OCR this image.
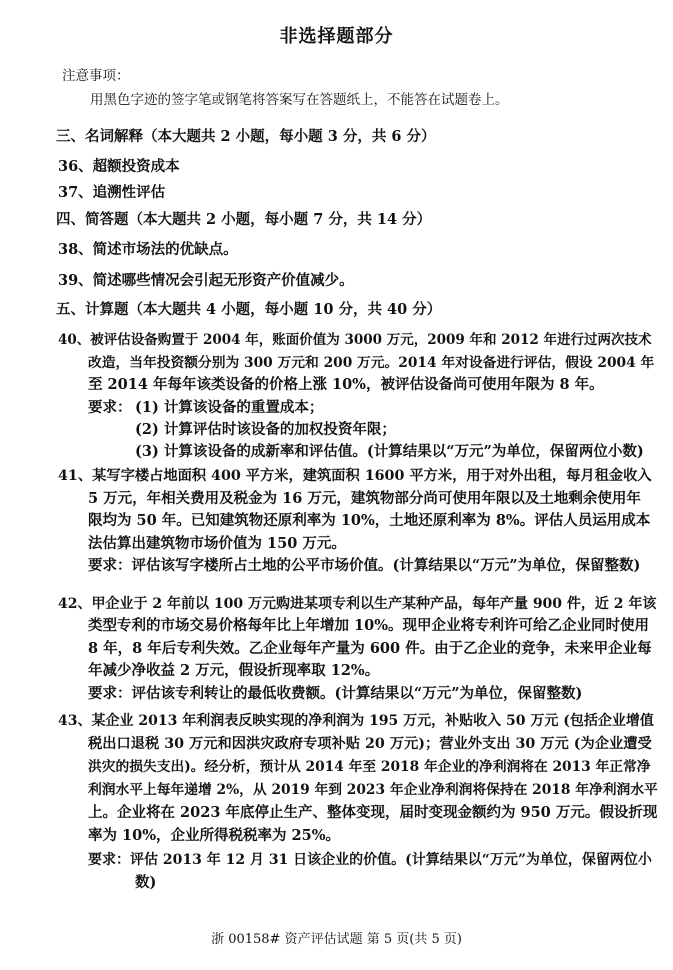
非选择题部分
注意事项：
用黑色字迹的签字笔或钢笔将答案写在答题纸上，不能答在试题卷上。
三、名词解释（本大题共 2 小题，每小题 3 分，共 6 分）
36、超额投资成本
37、追溯性评估
四、简答题（本大题共 2 小题，每小题 7 分，共 14 分）
38、简述市场法的优缺点。
39、简述哪些情况会引起无形资产价值减少。
五、计算题（本大题共 4 小题，每小题 10 分，共 40 分）
40、被评估设备购置于 2004 年，账面价值为 3000 万元，2009 年和 2012 年进行过两次技术
改造，当年投资额分别为 300 万元和 200 万元。2014 年对设备进行评估，假设 2004 年
至 2014 年每年该类设备的价格上涨 10%，被评估设备尚可使用年限为 8 年。
要求： (1) 计算该设备的重置成本；
(2) 计算评估时该设备的加权投资年限；
(3) 计算该设备的成新率和评估值。(计算结果以“万元”为单位，保留两位小数)
41、某写字楼占地面积 400 平方米，建筑面积 1600 平方米，用于对外出租，每月租金收入
5 万元，年相关费用及税金为 16 万元，建筑物部分尚可使用年限以及土地剩余使用年
限均为 50 年。已知建筑物还原利率为 10%，土地还原利率为 8%。评估人员运用成本
法估算出建筑物市场价值为 150 万元。
要求：评估该写字楼所占土地的公平市场价值。(计算结果以“万元”为单位，保留整数)
42、甲企业于 2 年前以 100 万元购进某项专利以生产某种产品，每年产量 900 件，近 2 年该
类型专利的市场交易价格每年比上年增加 10%。现甲企业将专利许可给乙企业同时使用
8 年，8 年后专利失效。乙企业每年产量为 600 件。由于乙企业的竞争，未来甲企业每
年减少净收益 2 万元，假设折现率取 12%。
要求：评估该专利转让的最低收费额。(计算结果以“万元”为单位，保留整数)
43、某企业 2013 年利润表反映实现的净利润为 195 万元，补贴收入 50 万元 (包括企业增值
税出口退税 30 万元和因洪灾政府专项补贴 20 万元)；营业外支出 30 万元 (为企业遭受
洪灾的损失支出)。经分析，预计从 2014 年至 2018 年企业的净利润将在 2013 年正常净
利润水平上每年递增 2%，从 2019 年到 2023 年企业净利润将保持在 2018 年净利润水平
上。企业将在 2023 年底停止生产、整体变现，届时变现金额约为 950 万元。假设折现
率为 10%，企业所得税税率为 25%。
要求：评估 2013 年 12 月 31 日该企业的价值。(计算结果以“万元”为单位，保留两位小
数)
浙 00158# 资产评估试题 第 5 页(共 5 页)
